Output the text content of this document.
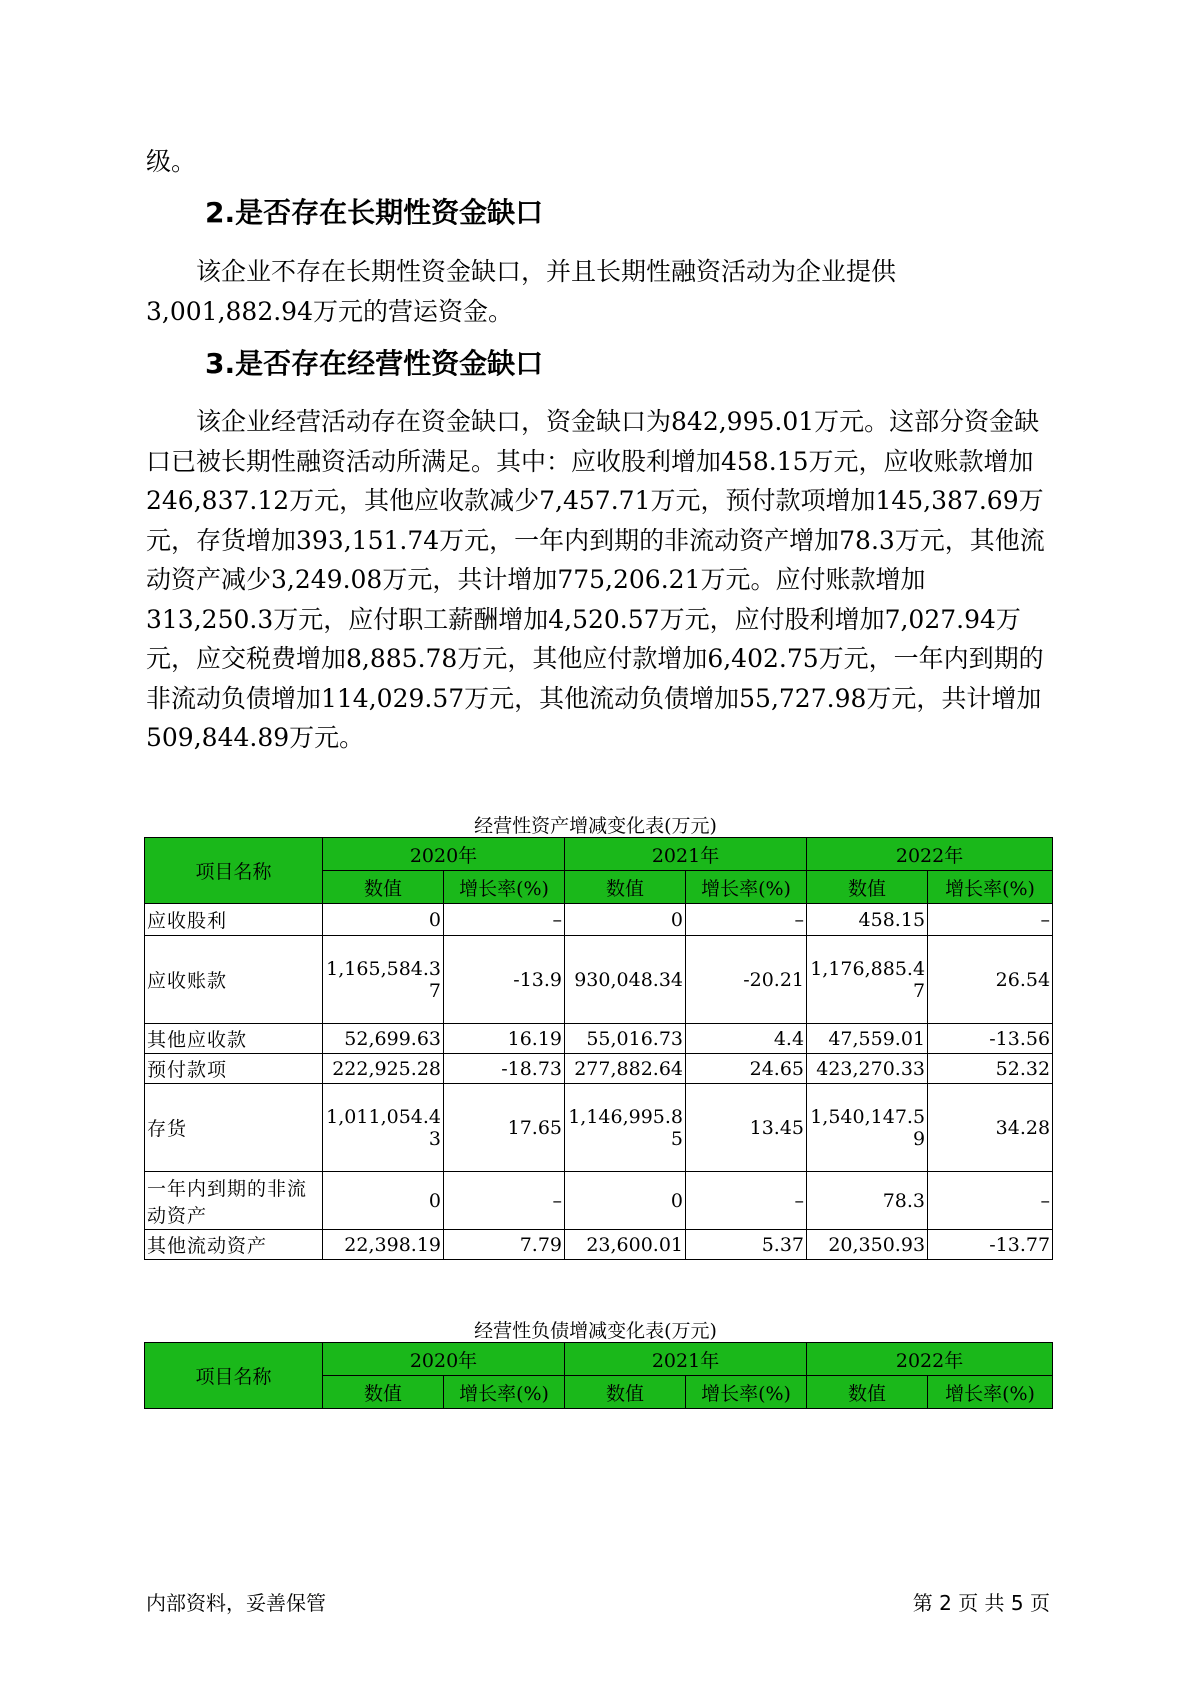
级。

2.是否存在长期性资金缺口

该企业不存在长期性资金缺口，并且长期性融资活动为企业提供3,001,882.94万元的营运资金。

3.是否存在经营性资金缺口

该企业经营活动存在资金缺口，资金缺口为842,995.01万元。这部分资金缺口已被长期性融资活动所满足。其中：应收股利增加458.15万元，应收账款增加246,837.12万元，其他应收款减少7,457.71万元，预付款项增加145,387.69万元，存货增加393,151.74万元，一年内到期的非流动资产增加78.3万元，其他流动资产减少3,249.08万元，共计增加775,206.21万元。应付账款增加313,250.3万元，应付职工薪酬增加4,520.57万元，应付股利增加7,027.94万元，应交税费增加8,885.78万元，其他应付款增加6,402.75万元，一年内到期的非流动负债增加114,029.57万元，其他流动负债增加55,727.98万元，共计增加509,844.89万元。

经营性资产增减变化表(万元)

项目名称	2020年		2021年		2022年	
	数值	增长率(%)	数值	增长率(%)	数值	增长率(%)
应收股利	0	–	0	–	458.15	–
应收账款	1,165,584.37	-13.9	930,048.34	-20.21	1,176,885.47	26.54
其他应收款	52,699.63	16.19	55,016.73	4.4	47,559.01	-13.56
预付款项	222,925.28	-18.73	277,882.64	24.65	423,270.33	52.32
存货	1,011,054.43	17.65	1,146,995.85	13.45	1,540,147.59	34.28
一年内到期的非流动资产	0	–	0	–	78.3	–
其他流动资产	22,398.19	7.79	23,600.01	5.37	20,350.93	-13.77

经营性负债增减变化表(万元)

项目名称	2020年		2021年		2022年	
	数值	增长率(%)	数值	增长率(%)	数值	增长率(%)

内部资料，妥善保管	第 2 页 共 5 页
